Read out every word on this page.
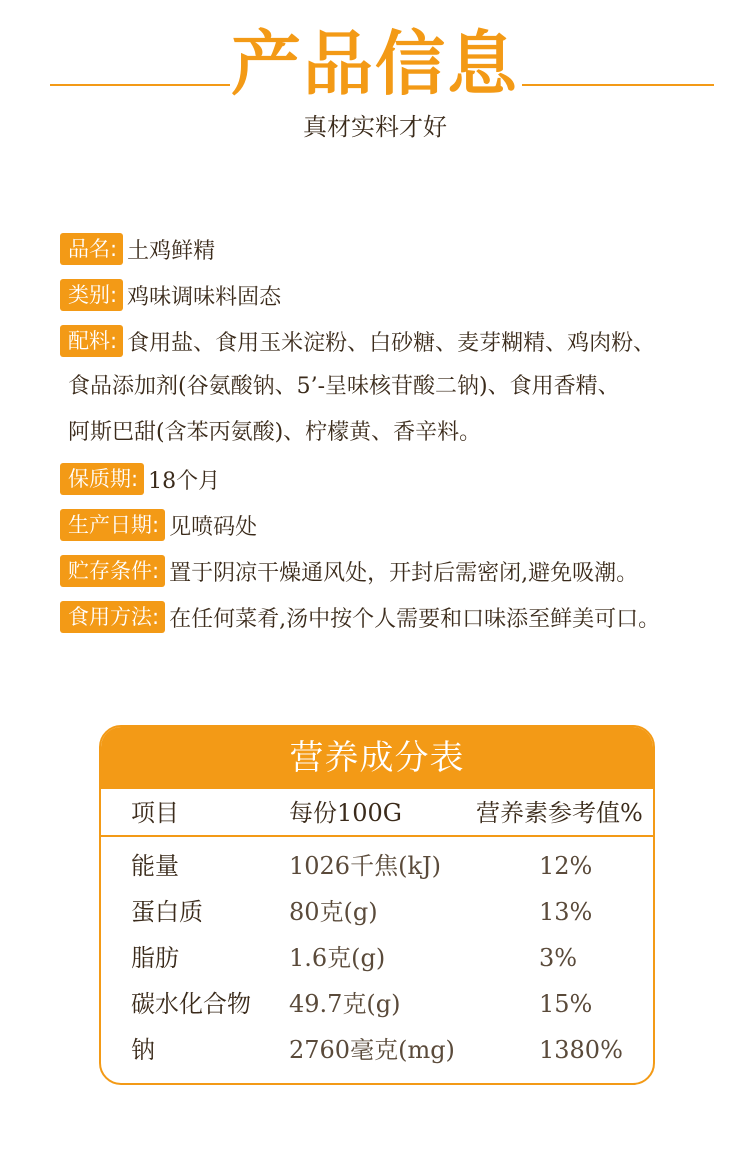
产品信息
真材实料才好
品名: 土鸡鲜精
类别: 鸡味调味料固态
配料: 食用盐、食用玉米淀粉、白砂糖、麦芽糊精、鸡肉粉、
食品添加剂(谷氨酸钠、5’-呈味核苷酸二钠)、食用香精、
阿斯巴甜(含苯丙氨酸)、柠檬黄、香辛料。
保质期: 18个月
生产日期: 见喷码处
贮存条件: 置于阴凉干燥通风处，开封后需密闭,避免吸潮。
食用方法: 在任何菜肴,汤中按个人需要和口味添至鲜美可口。
营养成分表
项目	每份100G	营养素参考值%
能量	1026千焦(kJ)	12%
蛋白质	80克(g)	13%
脂肪	1.6克(g)	3%
碳水化合物 49.7克(g)	15%
钠	2760毫克(mg)	1380%
